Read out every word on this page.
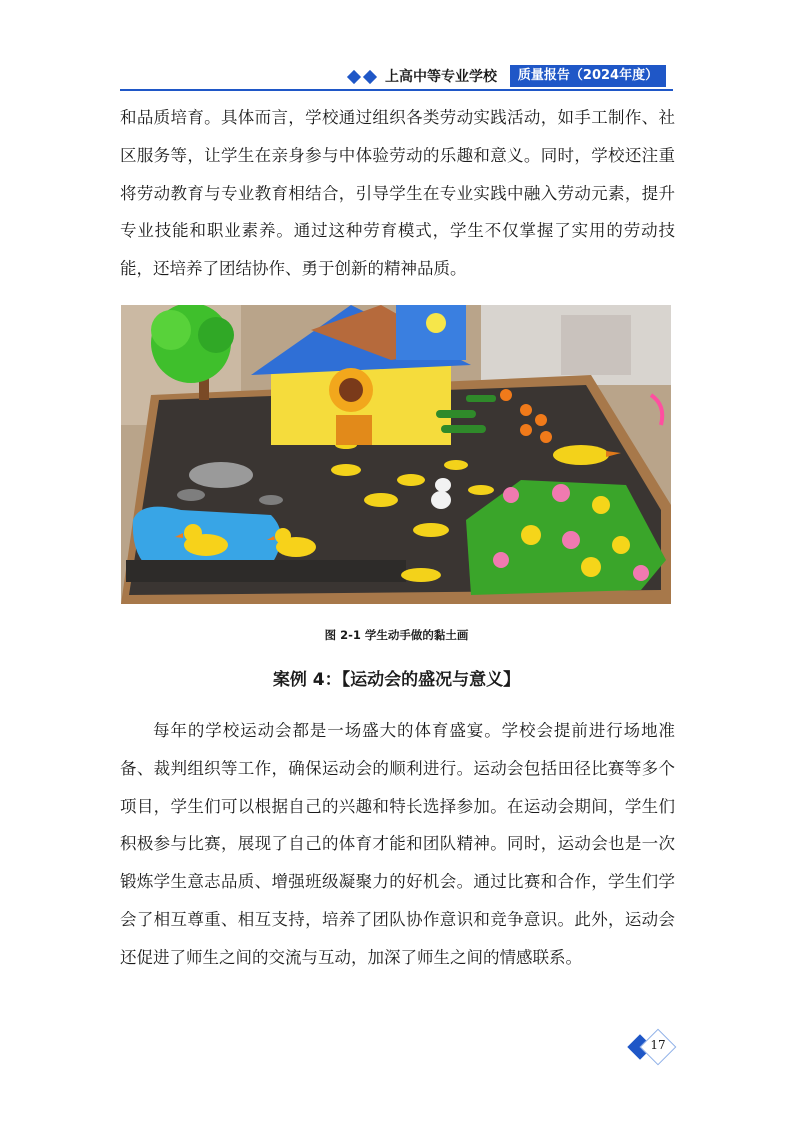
上高中等专业学校	质量报告（2024年度）
和品质培育。具体而言，学校通过组织各类劳动实践活动，如手工制作、社区服务等，让学生在亲身参与中体验劳动的乐趣和意义。同时，学校还注重将劳动教育与专业教育相结合，引导学生在专业实践中融入劳动元素，提升专业技能和职业素养。通过这种劳育模式，学生不仅掌握了实用的劳动技能，还培养了团结协作、勇于创新的精神品质。
图 2-1 学生动手做的黏土画
案例 4：【运动会的盛况与意义】
每年的学校运动会都是一场盛大的体育盛宴。学校会提前进行场地准备、裁判组织等工作，确保运动会的顺利进行。运动会包括田径比赛等多个项目，学生们可以根据自己的兴趣和特长选择参加。在运动会期间，学生们积极参与比赛，展现了自己的体育才能和团队精神。同时，运动会也是一次锻炼学生意志品质、增强班级凝聚力的好机会。通过比赛和合作，学生们学会了相互尊重、相互支持，培养了团队协作意识和竞争意识。此外，运动会还促进了师生之间的交流与互动，加深了师生之间的情感联系。
17
